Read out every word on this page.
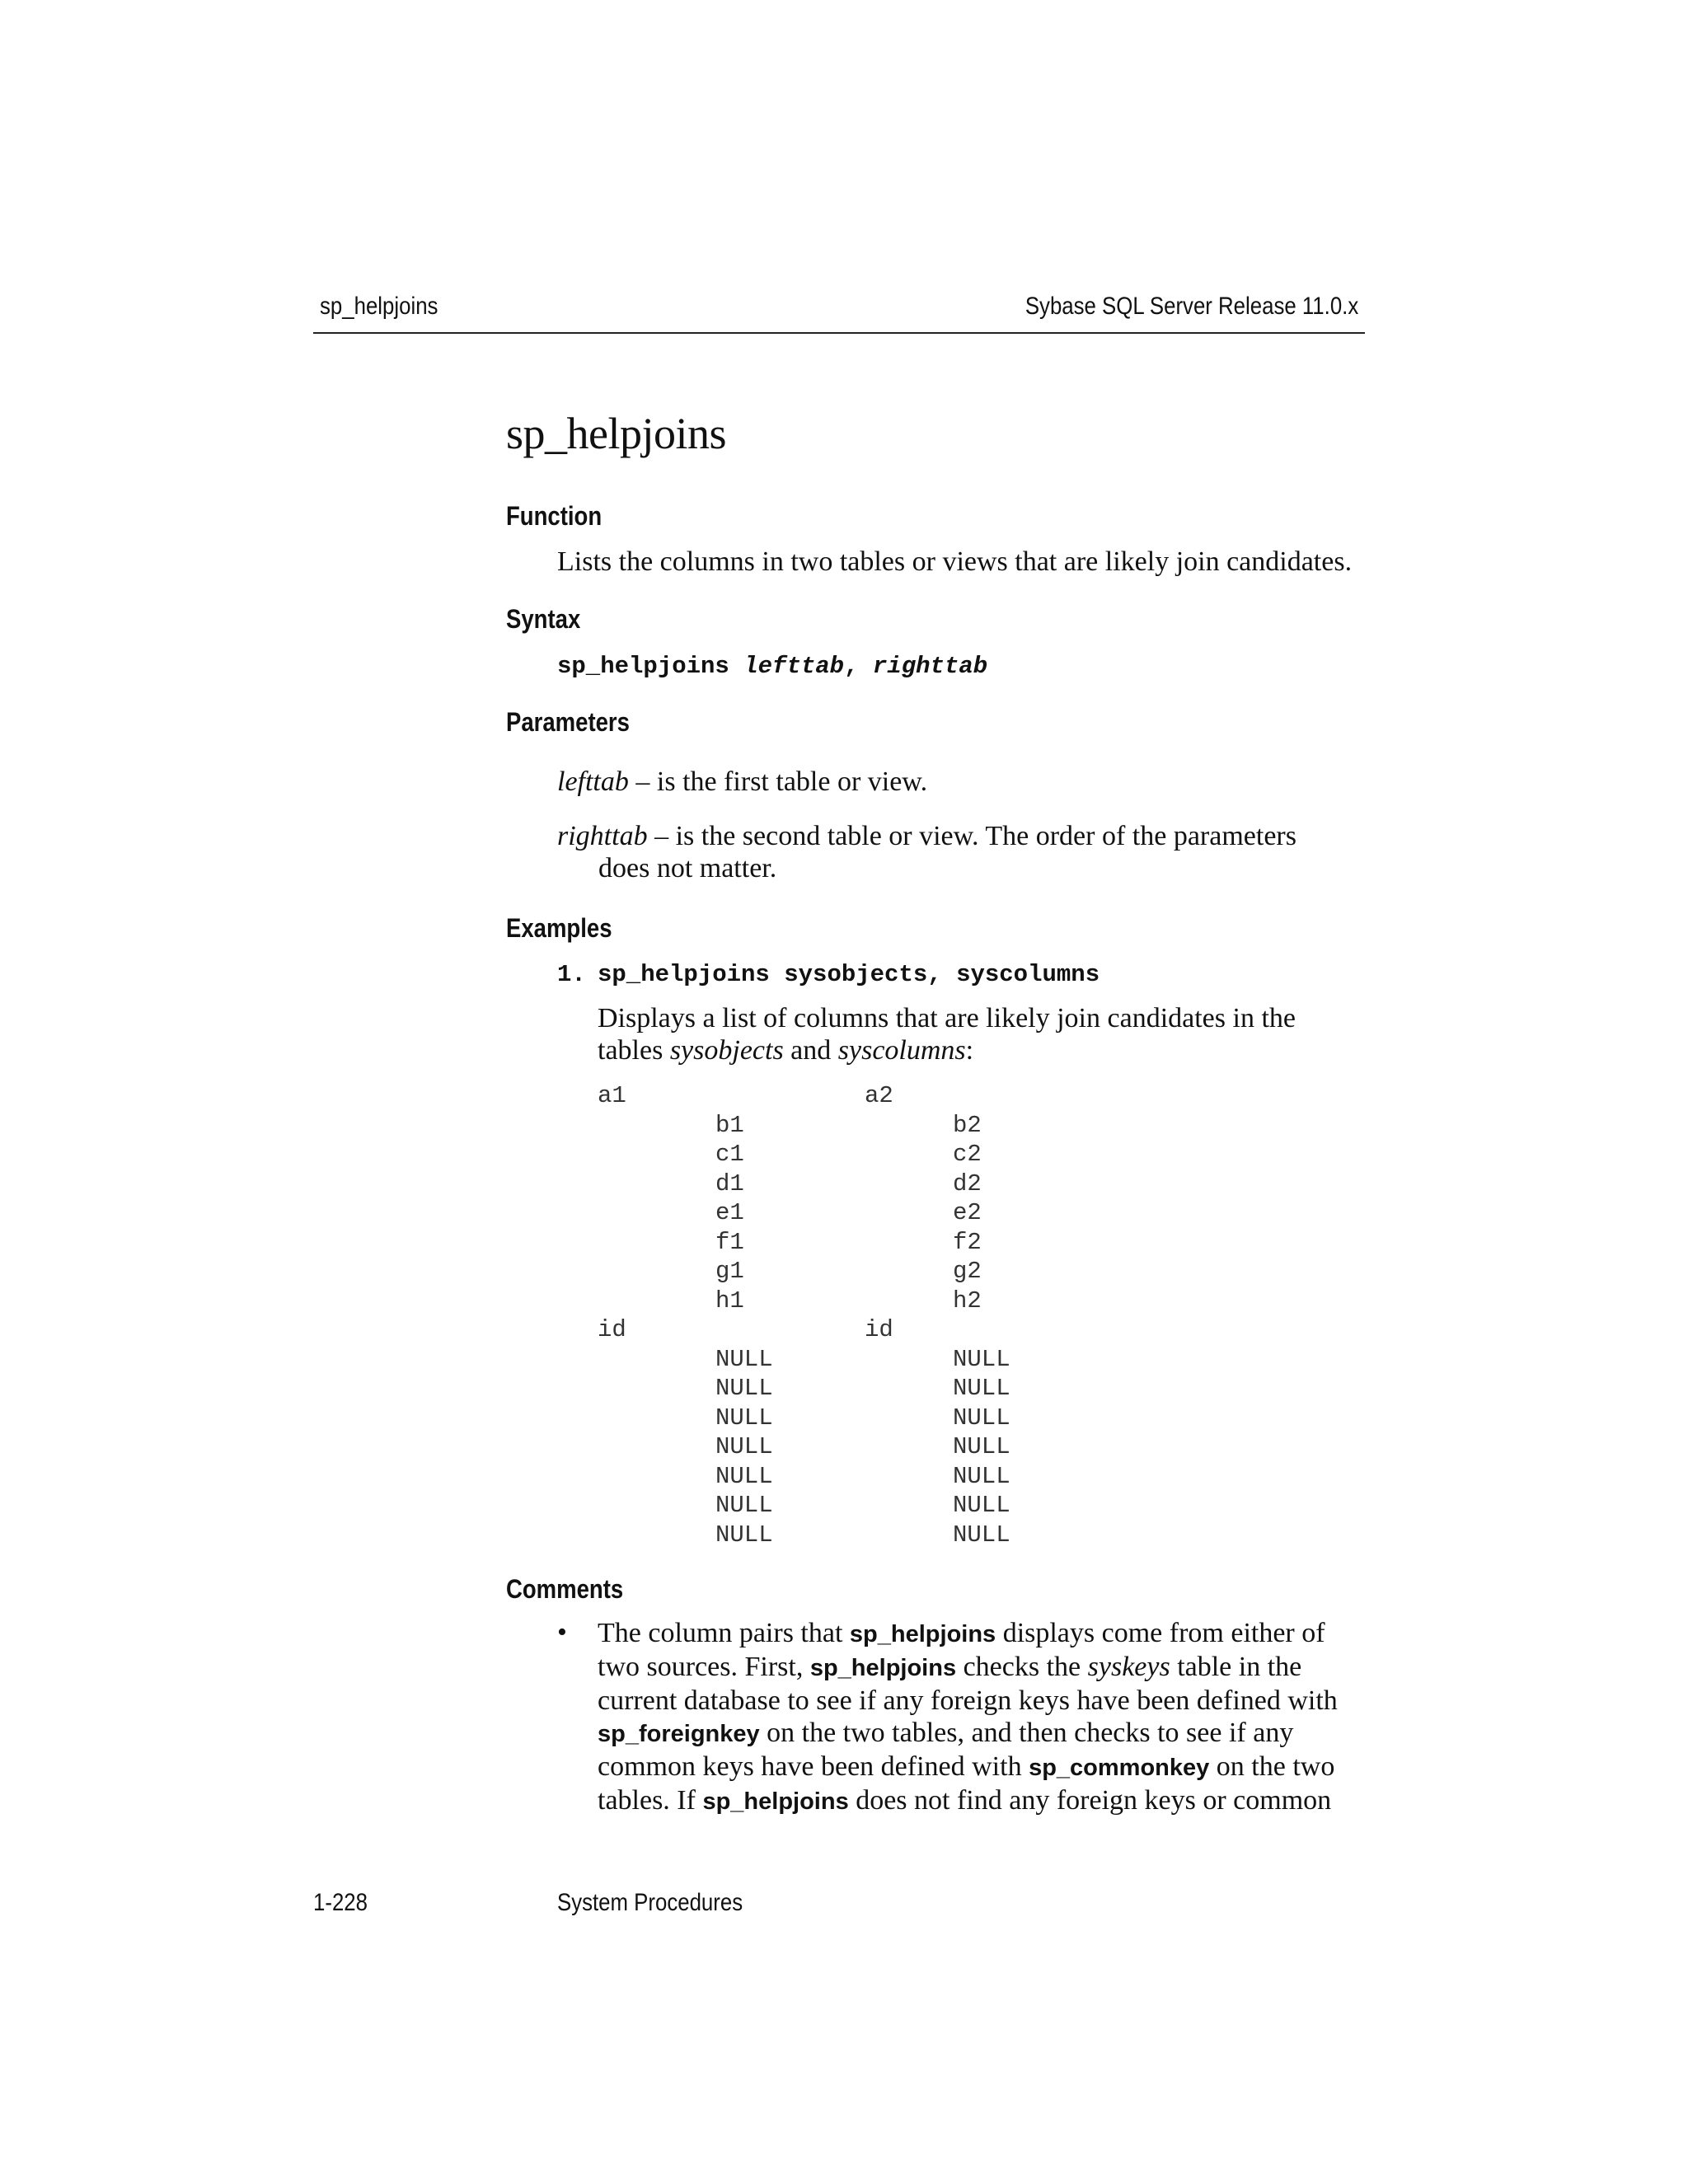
sp_helpjoins	Sybase SQL Server Release 11.0.x
sp_helpjoins
Function
Lists the columns in two tables or views that are likely join candidates.
Syntax
sp_helpjoins lefttab, righttab
Parameters
lefttab – is the first table or view.
righttab – is the second table or view. The order of the parameters
does not matter.
Examples
1. sp_helpjoins sysobjects, syscolumns
Displays a list of columns that are likely join candidates in the
tables sysobjects and syscolumns:
a1

id

b1
c1
d1
e1
f1
g1
h1

NULL
NULL
NULL
NULL
NULL
NULL
NULL
a2

id

b2
c2
d2
e2
f2
g2
h2

NULL
NULL
NULL
NULL
NULL
NULL
NULL
Comments
• The column pairs that sp_helpjoins displays come from either of two sources. First, sp_helpjoins checks the syskeys table in the current database to see if any foreign keys have been defined with sp_foreignkey on the two tables, and then checks to see if any common keys have been defined with sp_commonkey on the two tables. If sp_helpjoins does not find any foreign keys or common
1-228	System Procedures
